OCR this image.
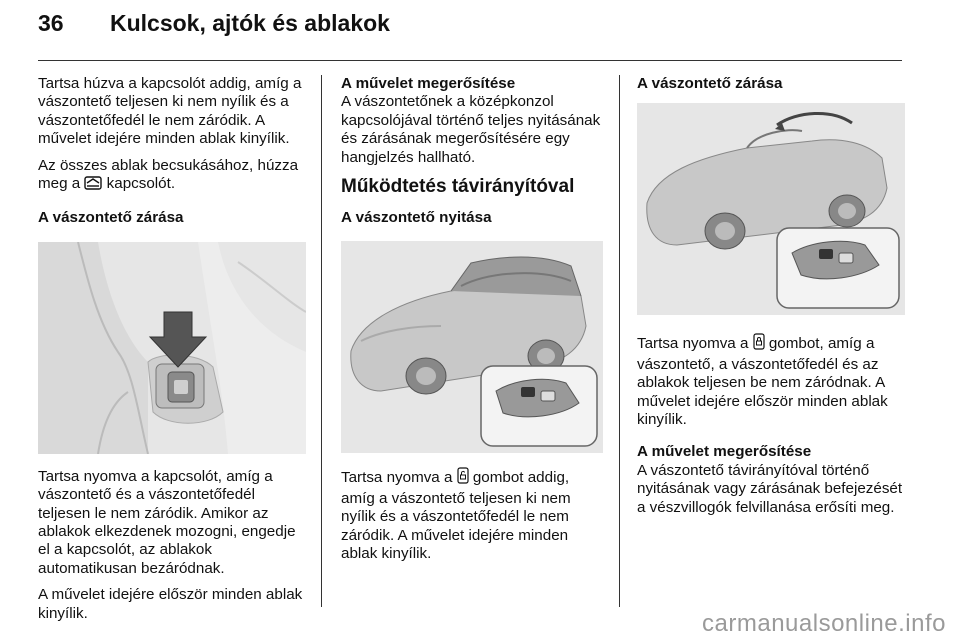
36	Kulcsok, ajtók és ablakok

Tartsa húzva a kapcsolót addig, amíg a vászontető teljesen ki nem nyílik és a vászontetőfedél le nem záródik. A művelet idejére minden ablak kinyílik.

Az összes ablak becsukásához, húzza meg a  kapcsolót.

A vászontető zárása

Tartsa nyomva a kapcsolót, amíg a vászontető és a vászontetőfedél teljesen le nem záródik. Amikor az ablakok elkezdenek mozogni, engedje el a kapcsolót, az ablakok automatikusan bezáródnak.

A művelet idejére először minden ablak kinyílik.

A művelet megerősítése

A vászontetőnek a középkonzol kapcsolójával történő teljes nyitásának és zárásának megerősítésére egy hangjelzés hallható.

Működtetés távirányítóval

A vászontető nyitása

Tartsa nyomva a  gombot addig, amíg a vászontető teljesen ki nem nyílik és a vászontetőfedél le nem záródik. A művelet idejére minden ablak kinyílik.

A vászontető zárása

Tartsa nyomva a  gombot, amíg a vászontető, a vászontetőfedél és az ablakok teljesen be nem záródnak. A művelet idejére először minden ablak kinyílik.

A művelet megerősítése

A vászontető távirányítóval történő nyitásának vagy zárásának befejezését a vészvillogók felvillanása erősíti meg.

carmanualsonline.info
